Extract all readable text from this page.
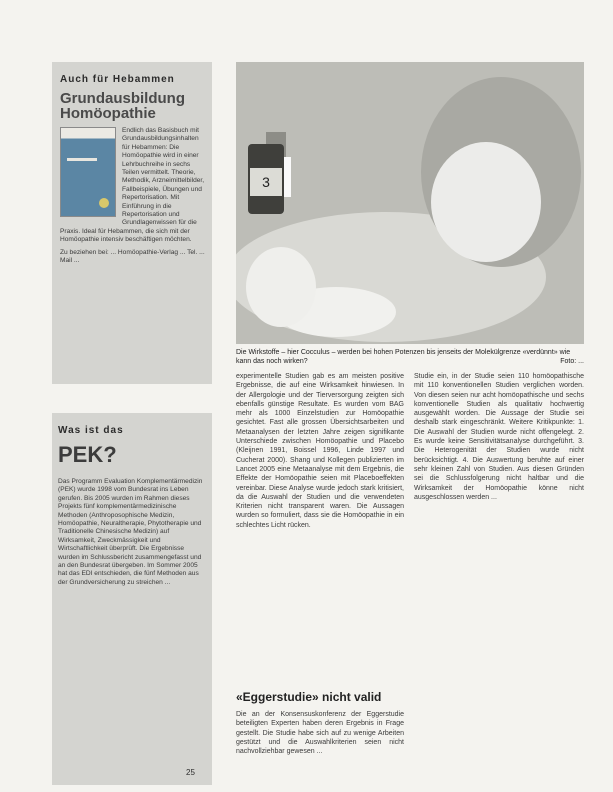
Auch für Hebammen
Grundausbildung
Homöopathie
Endlich das Basisbuch mit Grundausbildungsinhalten für Hebammen: Die Homöopathie wird in einer Lehrbuchreihe in sechs Teilen vermittelt. Theorie, Methodik, Arzneimittelbilder, Fallbeispiele, Übungen und Repertorisation. Mit Einführung in die Repertorisation und Grundlagenwissen für die Praxis. Ideal für Hebammen, die sich mit der Homöopathie intensiv beschäftigen möchten.
Zu beziehen bei: ... Homöopathie-Verlag ... Tel. ... Mail ...
Was ist das
PEK?
Das Programm Evaluation Komplementärmedizin (PEK) wurde 1998 vom Bundesrat ins Leben gerufen. Bis 2005 wurden im Rahmen dieses Projekts fünf komplementärmedizinische Methoden (Anthroposophische Medizin, Homöopathie, Neuraltherapie, Phytotherapie und Traditionelle Chinesische Medizin) auf Wirksamkeit, Zweckmässigkeit und Wirtschaftlichkeit überprüft. Die Ergebnisse wurden im Schlussbericht zusammengefasst und an den Bundesrat übergeben. Im Sommer 2005 hat das EDI entschieden, die fünf Methoden aus der Grundversicherung zu streichen ...
3
Die Wirkstoffe – hier Cocculus – werden bei hohen Potenzen bis jenseits der Molekülgrenze «verdünnt» wie kann das noch wirken?	Foto: ...
experimentelle Studien gab es am meisten positive Ergebnisse, die auf eine Wirksamkeit hinwiesen. In der Allergologie und der Tierversorgung zeigten sich ebenfalls günstige Resultate. Es wurden vom BAG mehr als 1000 Einzelstudien zur Homöopathie gesichtet. Fast alle grossen Übersichtsarbeiten und Metaanalysen der letzten Jahre zeigen signifikante Unterschiede zwischen Homöopathie und Placebo (Kleijnen 1991, Boissel 1996, Linde 1997 und Cucherat 2000). Shang und Kollegen publizierten im Lancet 2005 eine Metaanalyse mit dem Ergebnis, die Effekte der Homöopathie seien mit Placeboeffekten vereinbar. Diese Analyse wurde jedoch stark kritisiert, da die Auswahl der Studien und die verwendeten Kriterien nicht transparent waren. Die Aussagen wurden so formuliert, dass sie die Homöopathie in ein schlechtes Licht rücken.
Studie ein, in der Studie seien 110 homöopathische mit 110 konventionellen Studien verglichen worden. Von diesen seien nur acht homöopathische und sechs konventionelle Studien als qualitativ hochwertig ausgewählt worden. Die Aussage der Studie sei deshalb stark eingeschränkt. Weitere Kritikpunkte: 1. Die Auswahl der Studien wurde nicht offengelegt. 2. Es wurde keine Sensitivitätsanalyse durchgeführt. 3. Die Heterogenität der Studien wurde nicht berücksichtigt. 4. Die Auswertung beruhte auf einer sehr kleinen Zahl von Studien. Aus diesen Gründen sei die Schlussfolgerung nicht haltbar und die Wirksamkeit der Homöopathie könne nicht ausgeschlossen werden ...
«Eggerstudie» nicht valid
Die an der Konsensuskonferenz der Eggerstudie beteiligten Experten haben deren Ergebnis in Frage gestellt. Die Studie habe sich auf zu wenige Arbeiten gestützt und die Auswahlkriterien seien nicht nachvollziehbar gewesen ...
25
